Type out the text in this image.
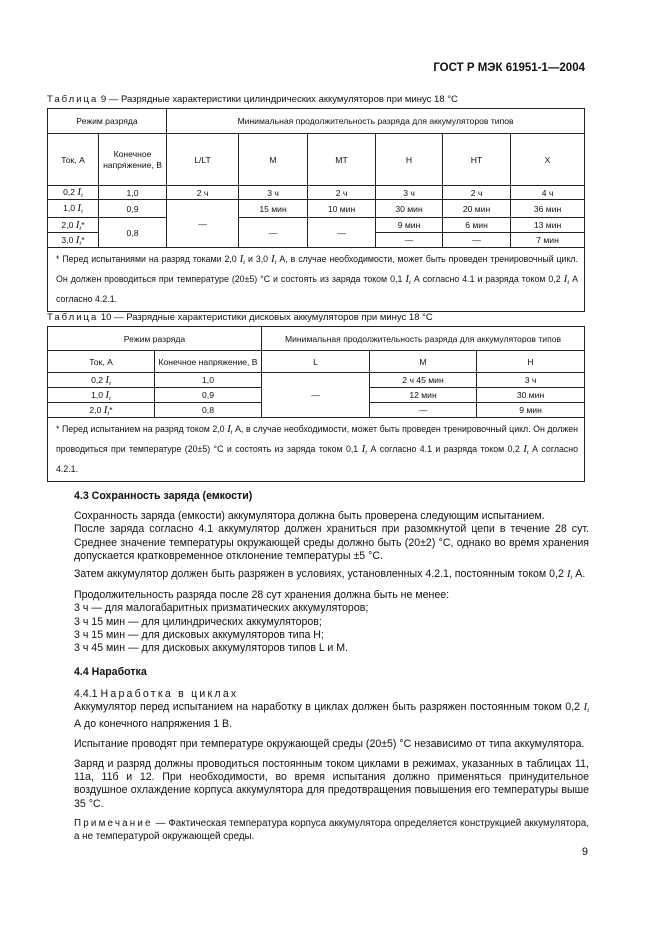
ГОСТ Р МЭК 61951-1—2004
Таблица 9 — Разрядные характеристики цилиндрических аккумуляторов при минус 18 °С
Режим разряда		Минимальная продолжительность разряда для аккумуляторов типов					
Ток, А	Конечное напряжение, В	L/LT	M	MT	H	HT	X
0,2 $I_t$	1,0	2 ч	3 ч	2 ч	3 ч	2 ч	4 ч
1,0 $I_t$	0,9	—	15 мин	10 мин	30 мин	20 мин	36 мин
2,0 $I_t*$	0,8		—	—	9 мин	6 мин	13 мин
3,0 $I_t*$					—	—	7 мин
* Перед испытаниями на разряд токами 2,0 $I_t$ и 3,0 $I_t$ А, в случае необходимости, может быть проведен тренировочный цикл. Он должен проводиться при температуре (20±5) °С и состоять из заряда током 0,1 $I_t$ А согласно 4.1 и разряда током 0,2 $I_t$ А согласно 4.2.1.							
Таблица 10 — Разрядные характеристики дисковых аккумуляторов при минус 18 °С
Режим разряда		Минимальная продолжительность разряда для аккумуляторов типов		
Ток, А	Конечное напряжение, В	L	M	H
0,2 $I_t$	1,0	—	2 ч 45 мин	3 ч
1,0 $I_t$	0,9		12 мин	30 мин
2,0 $I_t*$	0,8		—	9 мин
* Перед испытанием на разряд током 2,0 $I_t$ А, в случае необходимости, может быть проведен тренировочный цикл. Он должен проводиться при температуре (20±5) °С и состоять из заряда током 0,1 $I_t$ А согласно 4.1 и разряда током 0,2 $I_t$ А согласно 4.2.1.				

4.3 Сохранность заряда (емкости)

Сохранность заряда (емкости) аккумулятора должна быть проверена следующим испытанием.

После заряда согласно 4.1 аккумулятор должен храниться при разомкнутой цепи в течение 28 сут. Среднее значение температуры окружающей среды должно быть (20±2) °С, однако во время хранения допускается кратковременное отклонение температуры ±5 °С.

Затем аккумулятор должен быть разряжен в условиях, установленных 4.2.1, постоянным током 0,2 $I_t$ А.

Продолжительность разряда после 28 сут хранения должна быть не менее:

3 ч — для малогабаритных призматических аккумуляторов;

3 ч 15 мин — для цилиндрических аккумуляторов;

3 ч 15 мин — для дисковых аккумуляторов типа Н;

3 ч 45 мин — для дисковых аккумуляторов типов L и М.

4.4 Наработка

4.4.1 Наработка в циклах

Аккумулятор перед испытанием на наработку в циклах должен быть разряжен постоянным током 0,2 $I_t$ А до конечного напряжения 1 В.

Испытание проводят при температуре окружающей среды (20±5) °С независимо от типа аккумулятора.

Заряд и разряд должны проводиться постоянным током циклами в режимах, указанных в таблицах 11, 11а, 11б и 12. При необходимости, во время испытания должно применяться принудительное воздушное охлаждение корпуса аккумулятора для предотвращения повышения его температуры выше 35 °С.

Примечание — Фактическая температура корпуса аккумулятора определяется конструкцией аккумулятора, а не температурой окружающей среды.

9
